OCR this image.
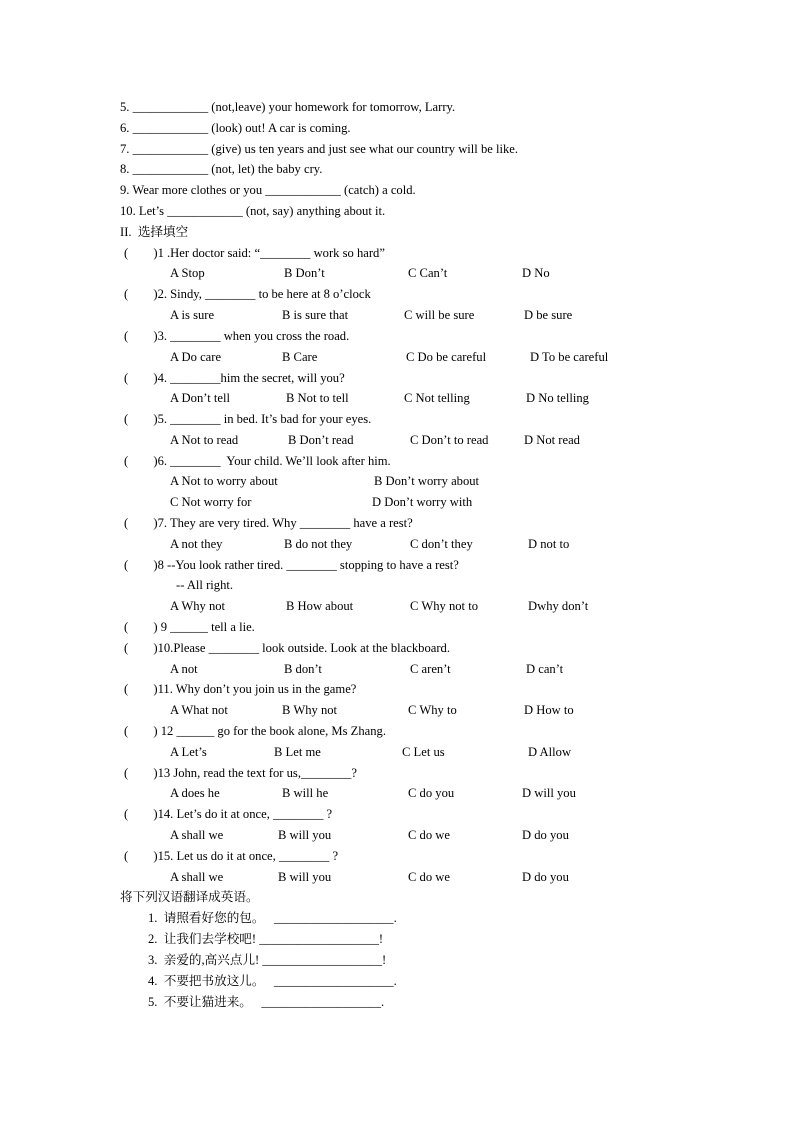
5. ____________ (not,leave) your homework for tomorrow, Larry.
6. ____________ (look) out! A car is coming.
7. ____________ (give) us ten years and just see what our country will be like.
8. ____________ (not, let) the baby cry.
9. Wear more clothes or you ____________ (catch) a cold.
10. Let’s ____________ (not, say) anything about it.
II.  选择填空
(        )1 .Her doctor said: “________ work so hard”
A Stop	B Don’t	C Can’t	D No
(        )2. Sindy, ________ to be here at 8 o’clock
A is sure	B is sure that	C will be sure	D be sure
(        )3. ________ when you cross the road.
A Do care	B Care	C Do be careful	D To be careful
(        )4. ________him the secret, will you?
A Don’t tell	B Not to tell	C Not telling	D No telling
(        )5. ________ in bed. It’s bad for your eyes.
A Not to read	B Don’t read	C Don’t to read	D Not read
(        )6. ________  Your child. We’ll look after him.
A Not to worry about	B Don’t worry about
C Not worry for	D Don’t worry with
(        )7. They are very tired. Why ________ have a rest?
A not they	B do not they	C don’t they	D not to
(        )8 --You look rather tired. ________ stopping to have a rest?
-- All right.
A Why not	B How about	C Why not to	Dwhy don’t
(        ) 9 ______ tell a lie.
(        )10.Please ________ look outside. Look at the blackboard.
A not	B don’t	C aren’t	D can’t
(        )11. Why don’t you join us in the game?
A What not	B Why not	C Why to	D How to
(        ) 12 ______ go for the book alone, Ms Zhang.
A Let’s	B Let me	C Let us	D Allow
(        )13 John, read the text for us,________?
A does he	B will he	C do you	D will you
(        )14. Let’s do it at once, ________ ?
A shall we	B will you	C do we	D do you
(        )15. Let us do it at once, ________ ?
A shall we	B will you	C do we	D do you
将下列汉语翻译成英语。
1.  请照看好您的包。   ___________________.
2.  让我们去学校吧! ___________________!
3.  亲爱的,高兴点儿! ___________________!
4.  不要把书放这儿。   ___________________.
5.  不要让猫进来。   ___________________.
